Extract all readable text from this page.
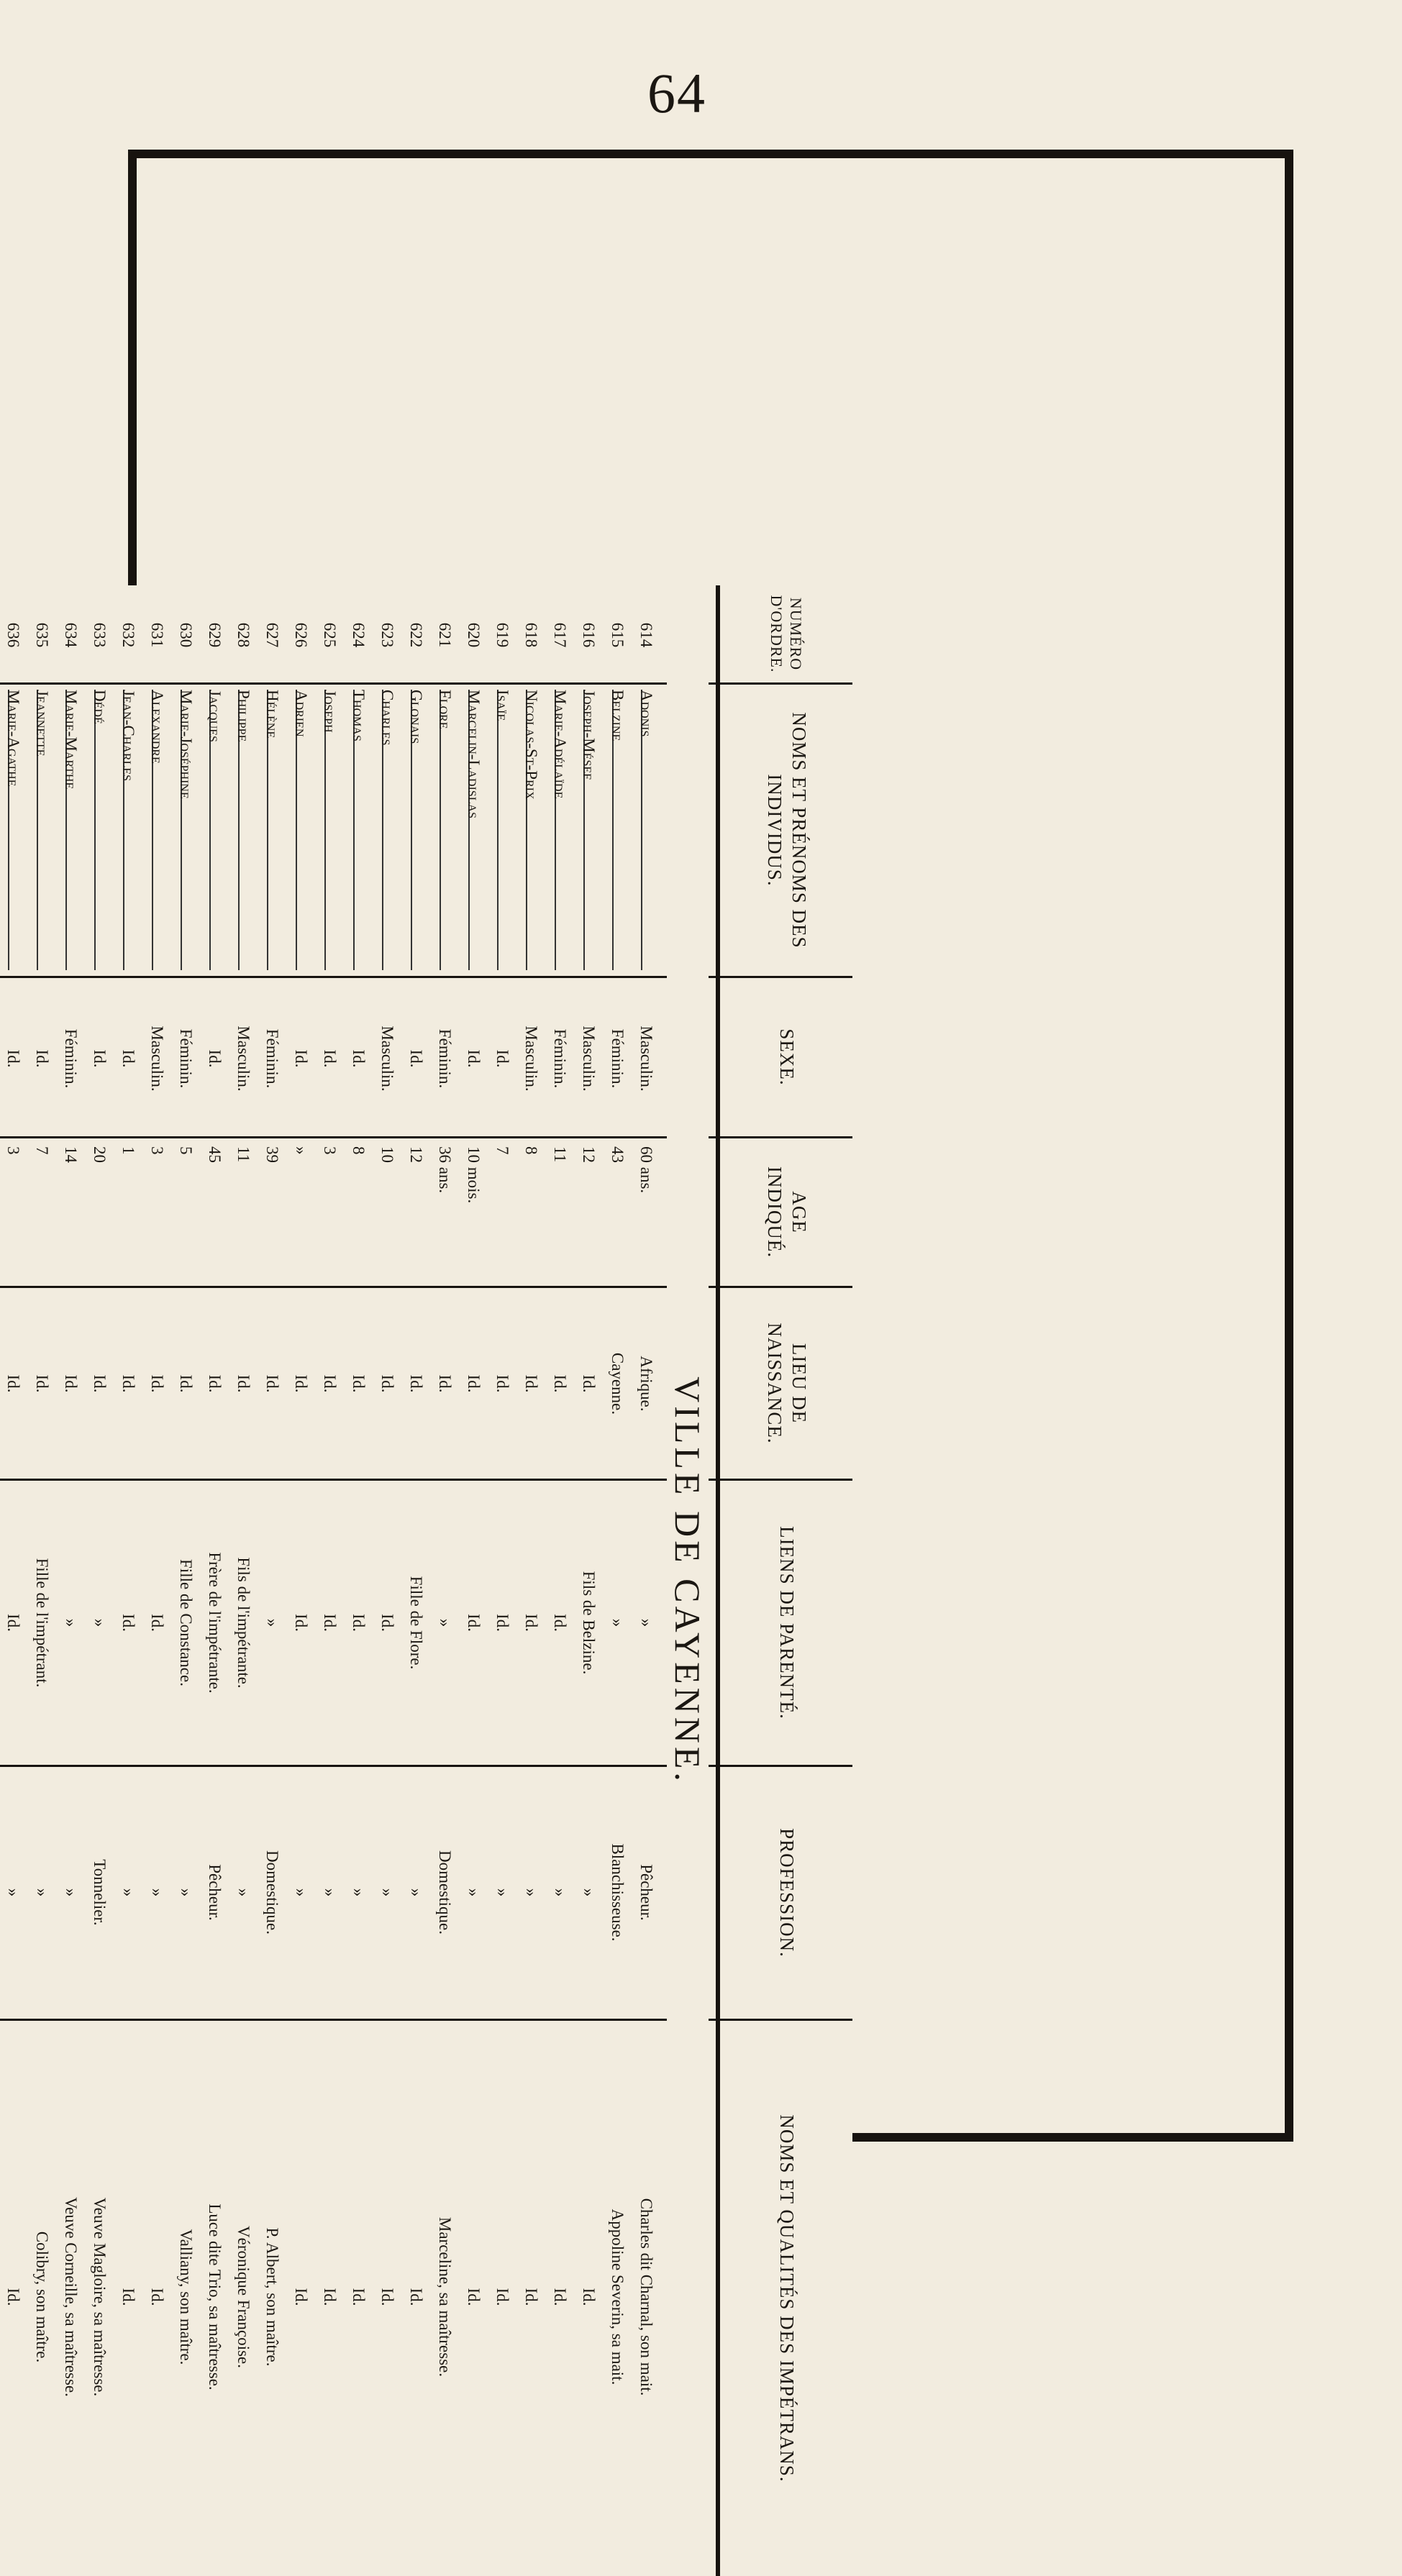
64
NUMÉRO D'ORDRE.
NOMS ET PRÉNOMS DES INDIVIDUS.
SEXE.
AGE INDIQUÉ.
LIEU DE NAISSANCE.
LIENS DE PARENTÉ.
PROFESSION.
NOMS ET QUALITÉS DES IMPÉTRANS.
VILLE DE CAYENNE.
614
Adonis
Masculin.
60 ans.
Afrique.
»
Pêcheur.
Charles dit Charnal, son mait.
615
Belzine
Féminin.
43
Cayenne.
»
Blanchisseuse.
Appoline Severin, sa mait.
616
Joseph-Mésef
Masculin.
12
Id.
Fils de Belzine.
»
Id.
617
Marie-Adélaïde
Féminin.
11
Id.
Id.
»
Id.
618
Nicolas-St-Prix
Masculin.
8
Id.
Id.
»
Id.
619
Isaïe
Id.
7
Id.
Id.
»
Id.
620
Marcelin-Ladislas
Id.
10 mois.
Id.
Id.
»
Id.
621
Flore
Féminin.
36 ans.
Id.
»
Domestique.
Marceline, sa maîtresse.
622
Glonais
Id.
12
Id.
Fille de Flore.
»
Id.
623
Charles
Masculin.
10
Id.
Id.
»
Id.
624
Thomas
Id.
8
Id.
Id.
»
Id.
625
Joseph
Id.
3
Id.
Id.
»
Id.
626
Adrien
Id.
»
Id.
Id.
»
Id.
627
Hélène
Féminin.
39
Id.
»
Domestique.
P. Albert, son maître.
628
Philippe
Masculin.
11
Id.
Fils de l'impétrante.
»
Véronique Françoise.
629
Jacques
Id.
45
Id.
Frère de l'impétrante.
Pêcheur.
Luce dite Trio, sa maîtresse.
630
Marie-Joséphine
Féminin.
5
Id.
Fille de Constance.
»
Valliany, son maître.
631
Alexandre
Masculin.
3
Id.
Id.
»
Id.
632
Jean-Charles
Id.
1
Id.
Id.
»
Id.
633
Dédé
Id.
20
Id.
»
Tonnelier.
Veuve Magloire, sa maîtresse.
634
Marie-Marthe
Féminin.
14
Id.
»
»
Veuve Corneille, sa maîtresse.
635
Jeannette
Id.
7
Id.
Fille de l'impétrant.
»
Colibry, son maître.
636
Marie-Agathe
Id.
3
Id.
Id.
»
Id.
